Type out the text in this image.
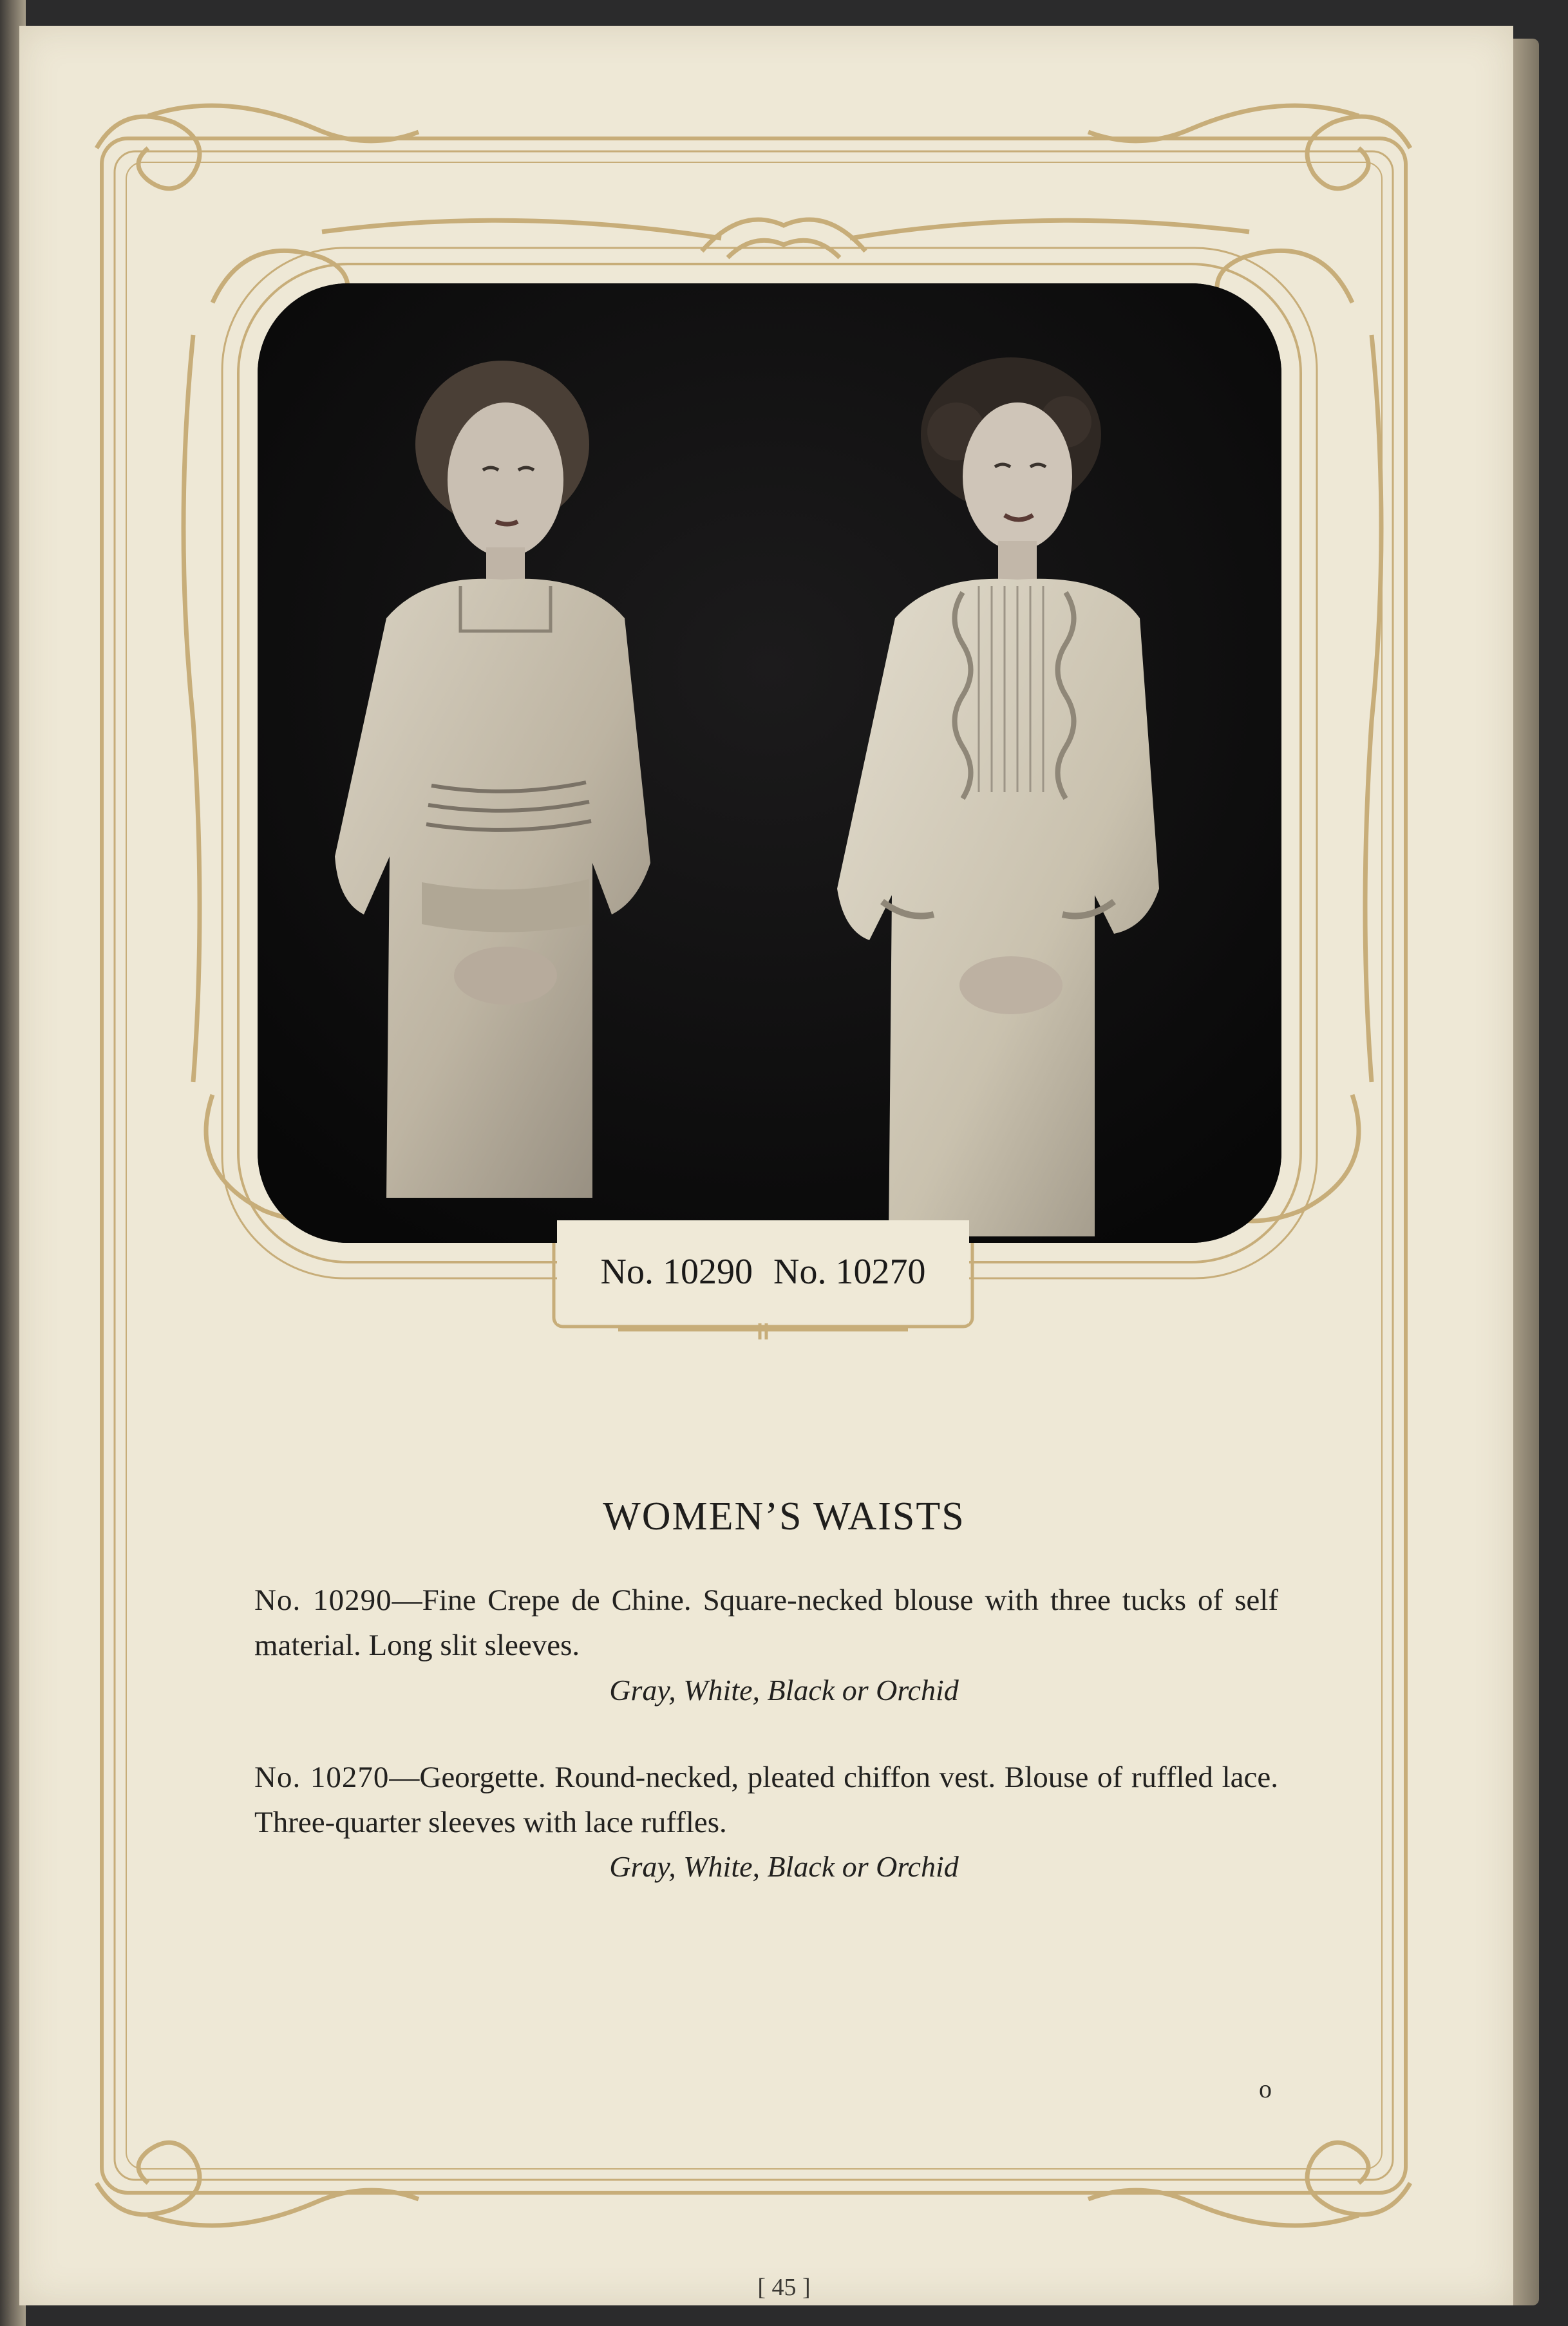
No. 10290 No. 10270
WOMEN’S WAISTS
No. 10290—Fine Crepe de Chine. Square-necked blouse with three tucks of self material. Long slit sleeves.
Gray, White, Black or Orchid
No. 10270—Georgette. Round-necked, pleated chiffon vest. Blouse of ruffled lace. Three-quarter sleeves with lace ruffles.
Gray, White, Black or Orchid
o
[ 45 ]
